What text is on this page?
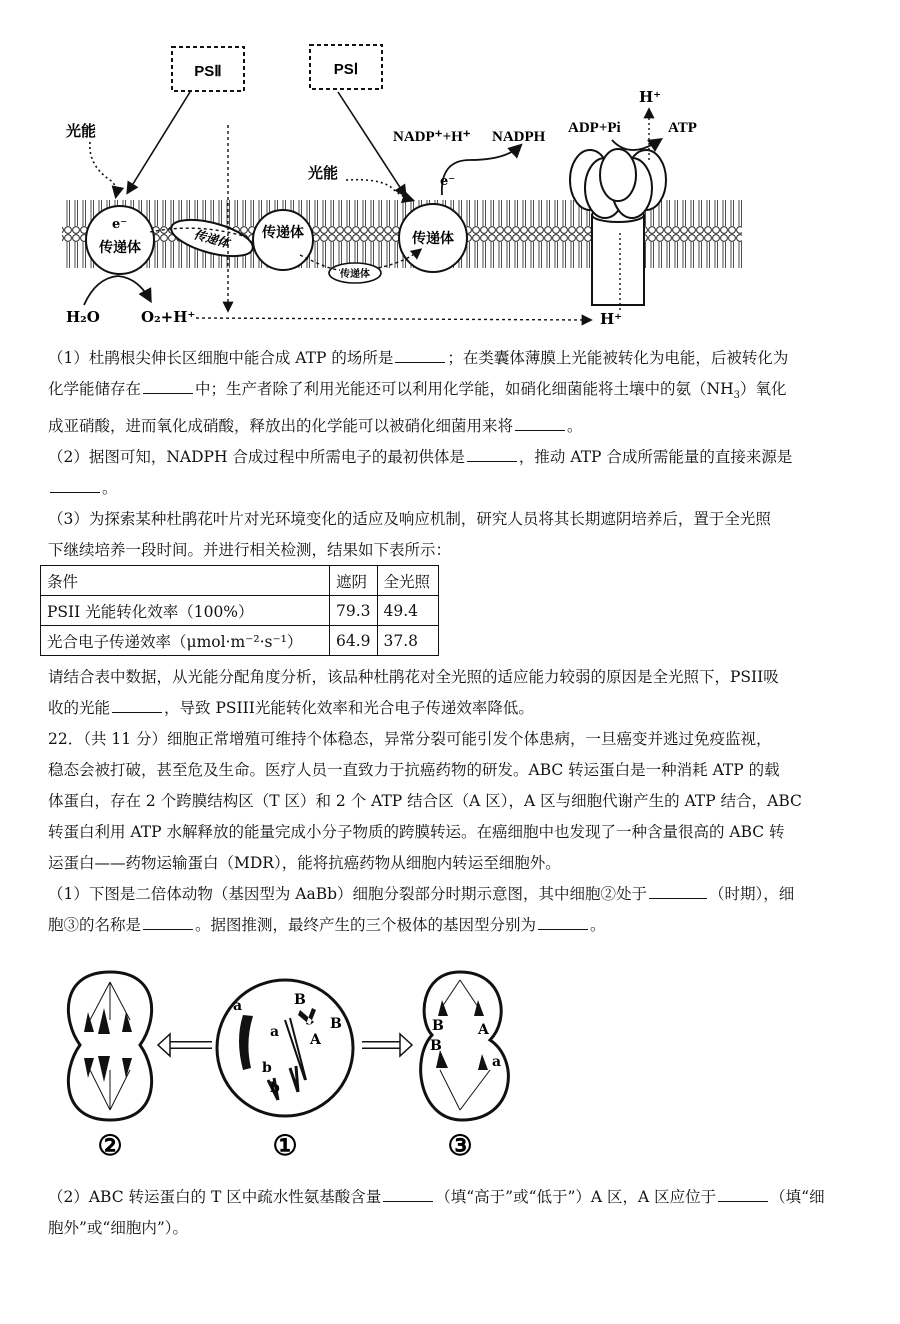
PSⅡ	PSⅠ
光能
光能
e⁻
传递体	传递体 传递体
传递体
传递体
NADP⁺+H⁺ NADPH
e⁻
ADP+Pi	ATP
H⁺
H₂O	O₂+H⁺	H⁺
（1）杜鹃根尖伸长区细胞中能合成 ATP 的场所是	；在类囊体薄膜上光能被转化为电能，后被转化为
化学能储存在	中；生产者除了利用光能还可以利用化学能，如硝化细菌能将土壤中的氨$(NH_3)$氧化
成亚硝酸，进而氧化成硝酸，释放出的化学能可以被硝化细菌用来将	。
（2）据图可知，NADPH 合成过程中所需电子的最初供体是	，推动 ATP 合成所需能量的直接来源是
。
（3）为探索某种杜鹃花叶片对光环境变化的适应及响应机制，研究人员将其长期遮阴培养后，置于全光照
下继续培养一段时间。并进行相关检测，结果如下表所示：
条件	遮阴	全光照
PSII 光能转化效率（100%）	79.3	49.4
光合电子传递效率（μmol·m⁻²·s⁻¹）	64.9	37.8
请结合表中数据，从光能分配角度分析，该品种杜鹃花对全光照的适应能力较弱的原因是全光照下，PSII吸
收的光能	，导致 PSIII光能转化效率和光合电子传递效率降低。
22．（共 11 分）细胞正常增殖可维持个体稳态，异常分裂可能引发个体患病，一旦癌变并逃过免疫监视，
稳态会被打破，甚至危及生命。医疗人员一直致力于抗癌药物的研发。ABC 转运蛋白是一种消耗 ATP 的载
体蛋白，存在 2 个跨膜结构区（T 区）和 2 个 ATP 结合区（A 区），A 区与细胞代谢产生的 ATP 结合，ABC
转蛋白利用 ATP 水解释放的能量完成小分子物质的跨膜转运。在癌细胞中也发现了一种含量很高的 ABC 转
运蛋白——药物运输蛋白（MDR），能将抗癌药物从细胞内转运至细胞外。
（1）下图是二倍体动物（基因型为 AaBb）细胞分裂部分时期示意图，其中细胞②处于	（时期），细
胞③的名称是	。据图推测，最终产生的三个极体的基因型分别为	。
②
a
a
B
B
A
b
b
①
B
B
A
a
③
（2）ABC 转运蛋白的 T 区中疏水性氨基酸含量	（填“高于”或“低于”）A 区，A 区应位于	（填“细
胞外”或“细胞内”）。
